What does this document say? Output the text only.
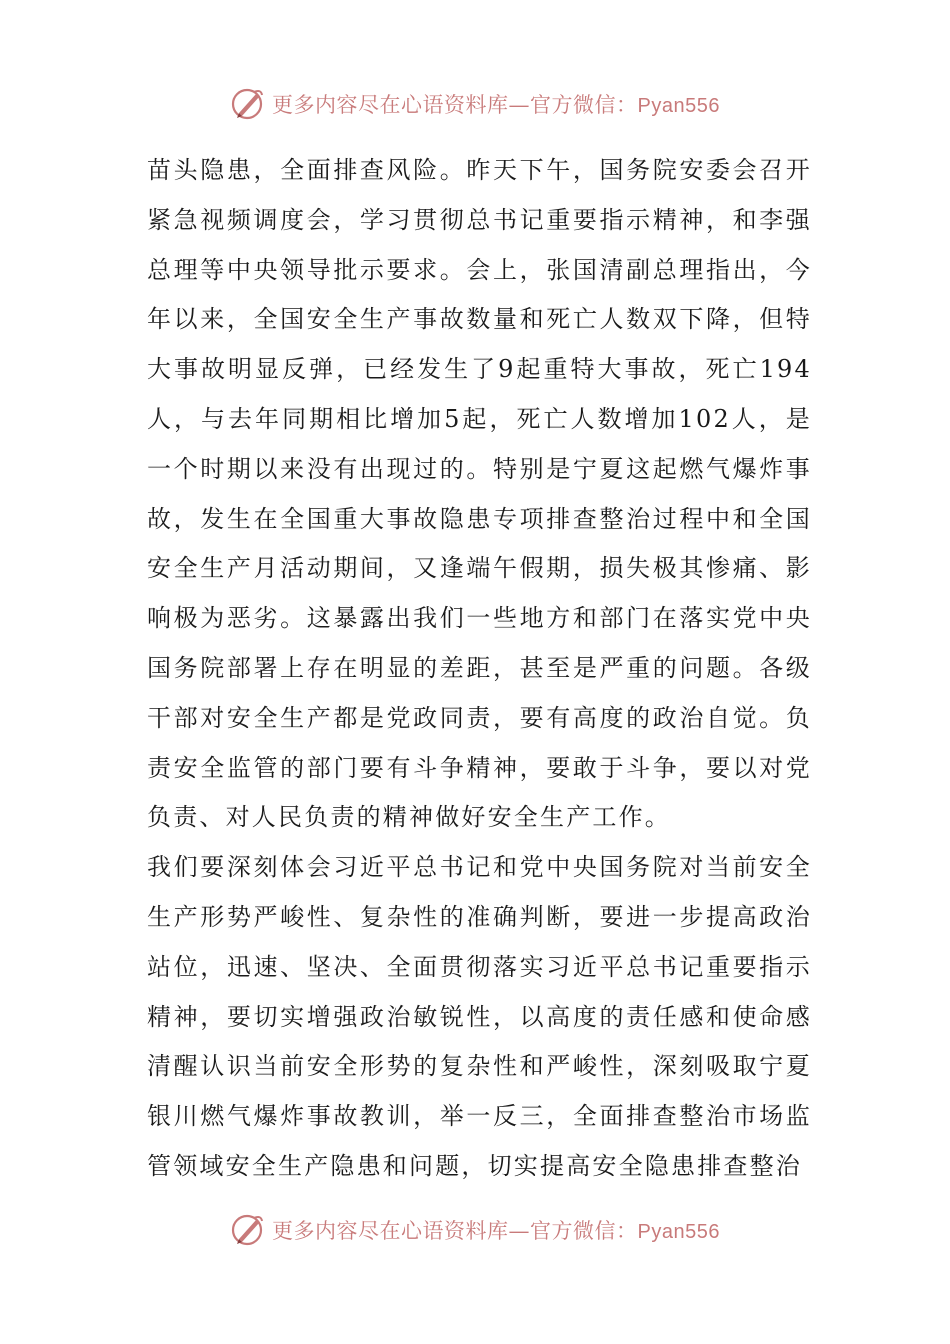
更多内容尽在心语资料库—官方微信：Pyan556

苗头隐患，全面排查风险。昨天下午，国务院安委会召开紧急视频调度会，学习贯彻总书记重要指示精神，和李强总理等中央领导批示要求。会上，张国清副总理指出，今年以来，全国安全生产事故数量和死亡人数双下降，但特大事故明显反弹，已经发生了9起重特大事故，死亡194人，与去年同期相比增加5起，死亡人数增加102人，是一个时期以来没有出现过的。特别是宁夏这起燃气爆炸事故，发生在全国重大事故隐患专项排查整治过程中和全国安全生产月活动期间，又逢端午假期，损失极其惨痛、影响极为恶劣。这暴露出我们一些地方和部门在落实党中央国务院部署上存在明显的差距，甚至是严重的问题。各级干部对安全生产都是党政同责，要有高度的政治自觉。负责安全监管的部门要有斗争精神，要敢于斗争，要以对党负责、对人民负责的精神做好安全生产工作。

我们要深刻体会习近平总书记和党中央国务院对当前安全生产形势严峻性、复杂性的准确判断，要进一步提高政治站位，迅速、坚决、全面贯彻落实习近平总书记重要指示精神，要切实增强政治敏锐性，以高度的责任感和使命感清醒认识当前安全形势的复杂性和严峻性，深刻吸取宁夏银川燃气爆炸事故教训，举一反三，全面排查整治市场监管领域安全生产隐患和问题，切实提高安全隐患排查整治

更多内容尽在心语资料库—官方微信：Pyan556
